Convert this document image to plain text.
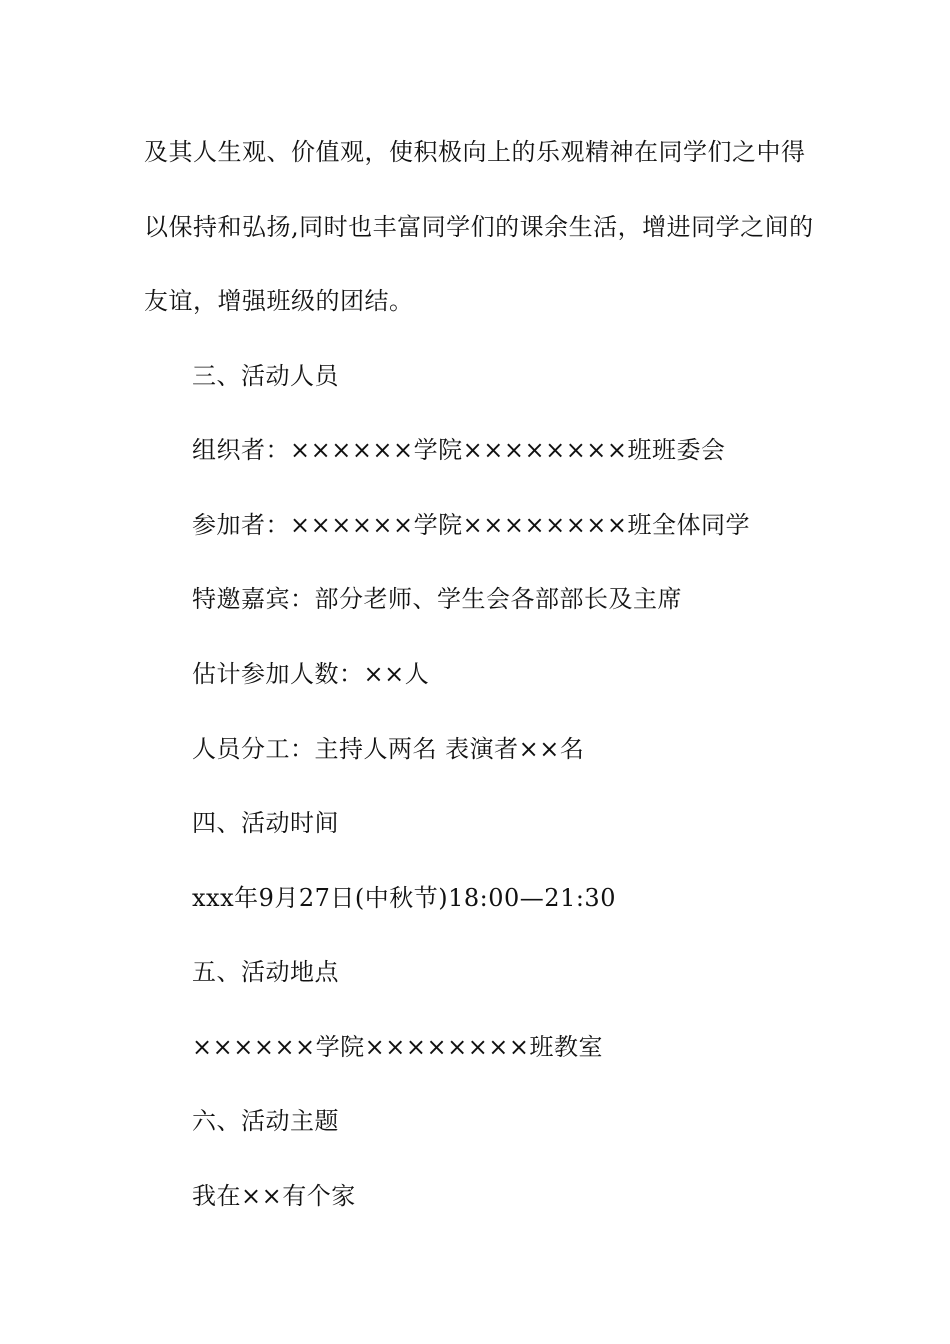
及其人生观、价值观，使积极向上的乐观精神在同学们之中得
以保持和弘扬,同时也丰富同学们的课余生活，增进同学之间的
友谊，增强班级的团结。
三、活动人员
组织者：××××××学院××××××××班班委会
参加者：××××××学院××××××××班全体同学
特邀嘉宾：部分老师、学生会各部部长及主席
估计参加人数：××人
人员分工：主持人两名 表演者××名
四、活动时间
xxx年9月27日(中秋节)18:00—21:30
五、活动地点
××××××学院××××××××班教室
六、活动主题
我在××有个家
